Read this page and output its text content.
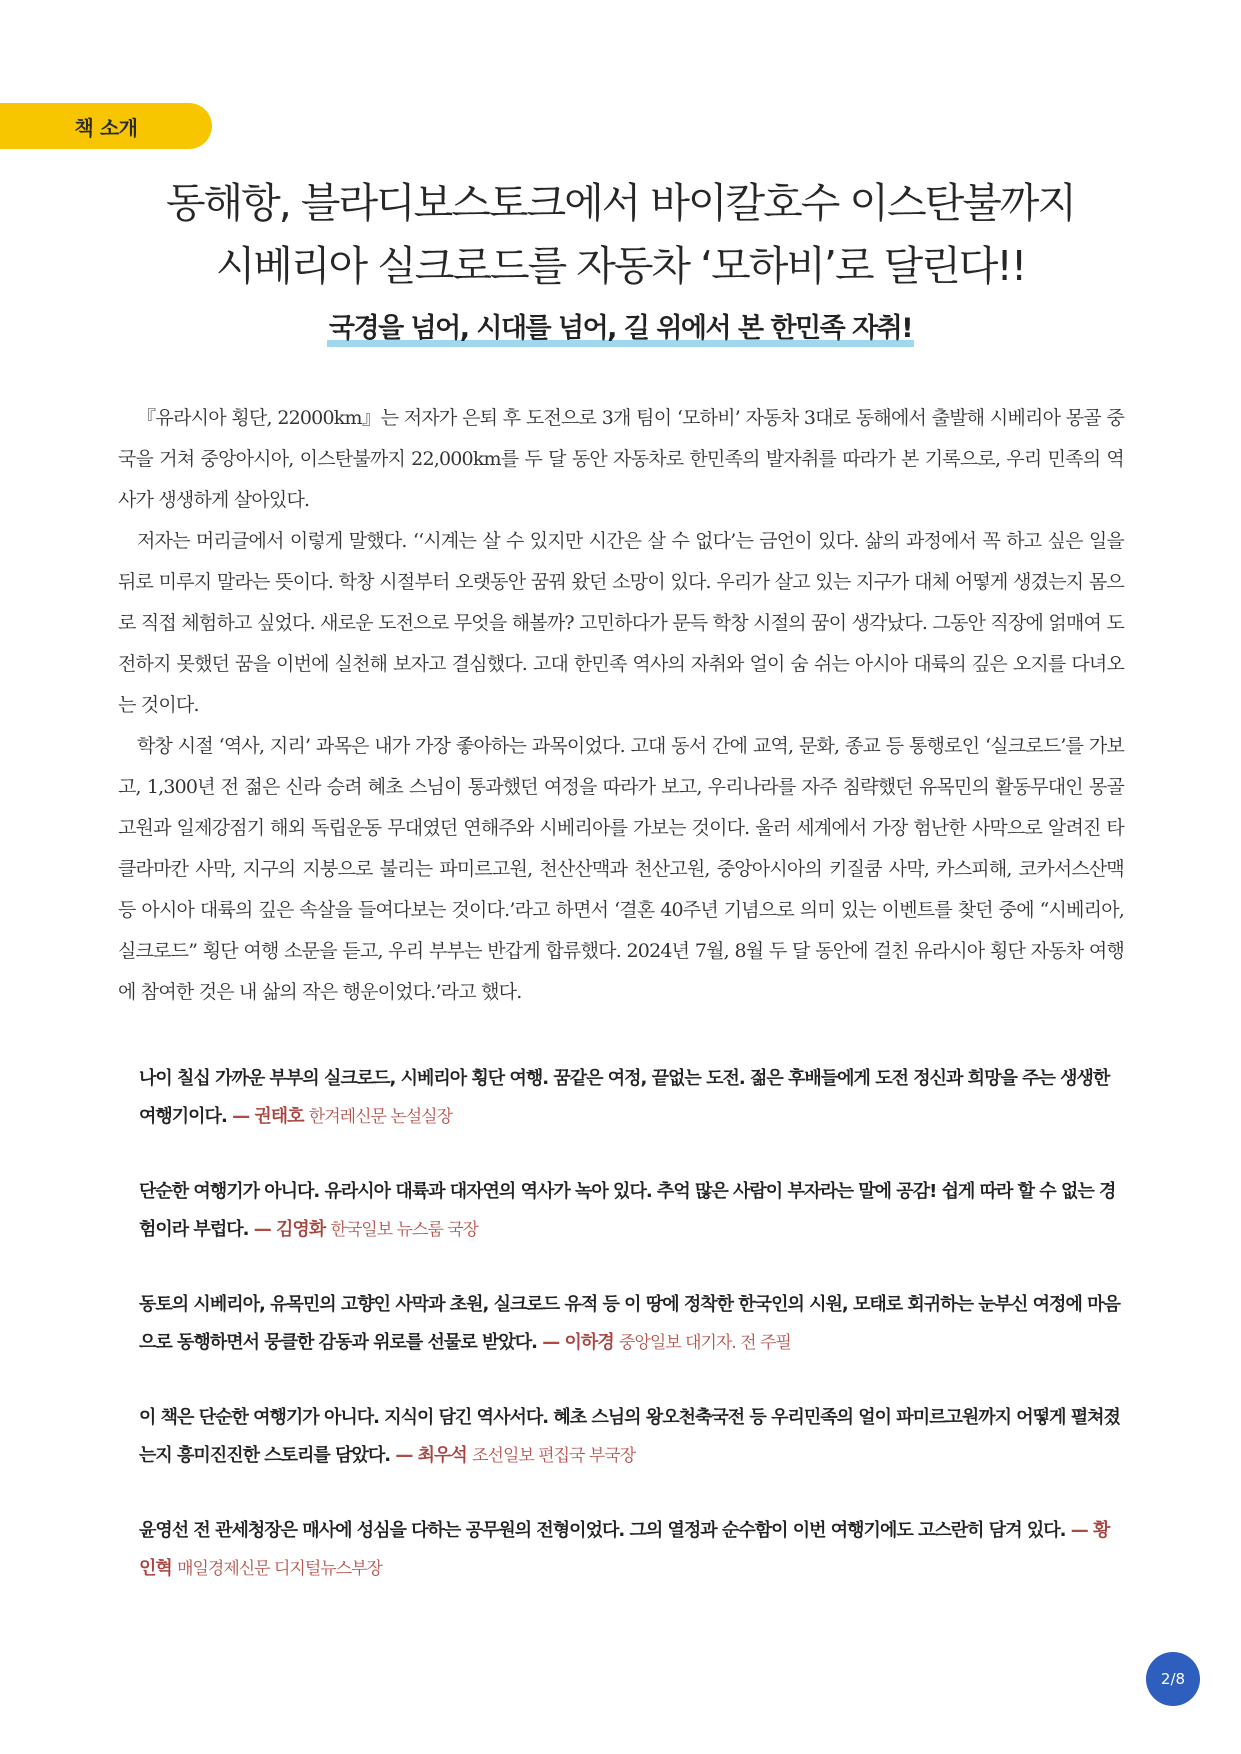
책 소개
동해항, 블라디보스토크에서 바이칼호수 이스탄불까지
시베리아 실크로드를 자동차 ‘모하비’로 달린다!!
국경을 넘어, 시대를 넘어, 길 위에서 본 한민족 자취!

『유라시아 횡단, 22000km』는 저자가 은퇴 후 도전으로 3개 팀이 ‘모하비’ 자동차 3대로 동해에서 출발해 시베리아 몽골 중국을 거쳐 중앙아시아, 이스탄불까지 22,000km를 두 달 동안 자동차로 한민족의 발자취를 따라가 본 기록으로, 우리 민족의 역사가 생생하게 살아있다.

저자는 머리글에서 이렇게 말했다. ‘‘시계는 살 수 있지만 시간은 살 수 없다’는 금언이 있다. 삶의 과정에서 꼭 하고 싶은 일을 뒤로 미루지 말라는 뜻이다. 학창 시절부터 오랫동안 꿈꿔 왔던 소망이 있다. 우리가 살고 있는 지구가 대체 어떻게 생겼는지 몸으로 직접 체험하고 싶었다. 새로운 도전으로 무엇을 해볼까? 고민하다가 문득 학창 시절의 꿈이 생각났다. 그동안 직장에 얽매여 도전하지 못했던 꿈을 이번에 실천해 보자고 결심했다. 고대 한민족 역사의 자취와 얼이 숨 쉬는 아시아 대륙의 깊은 오지를 다녀오는 것이다.

학창 시절 ‘역사, 지리’ 과목은 내가 가장 좋아하는 과목이었다. 고대 동서 간에 교역, 문화, 종교 등 통행로인 ‘실크로드’를 가보고, 1,300년 전 젊은 신라 승려 혜초 스님이 통과했던 여정을 따라가 보고, 우리나라를 자주 침략했던 유목민의 활동무대인 몽골고원과 일제강점기 해외 독립운동 무대였던 연해주와 시베리아를 가보는 것이다. 울러 세계에서 가장 험난한 사막으로 알려진 타클라마칸 사막, 지구의 지붕으로 불리는 파미르고원, 천산산맥과 천산고원, 중앙아시아의 키질쿰 사막, 카스피해, 코카서스산맥 등 아시아 대륙의 깊은 속살을 들여다보는 것이다.’라고 하면서 ‘결혼 40주년 기념으로 의미 있는 이벤트를 찾던 중에 “시베리아, 실크로드” 횡단 여행 소문을 듣고, 우리 부부는 반갑게 합류했다. 2024년 7월, 8월 두 달 동안에 걸친 유라시아 횡단 자동차 여행에 참여한 것은 내 삶의 작은 행운이었다.’라고 했다.

나이 칠십 가까운 부부의 실크로드, 시베리아 횡단 여행. 꿈같은 여정, 끝없는 도전. 젊은 후배들에게 도전 정신과 희망을 주는 생생한 여행기이다. — 권태호 한겨레신문 논설실장
단순한 여행기가 아니다. 유라시아 대륙과 대자연의 역사가 녹아 있다. 추억 많은 사람이 부자라는 말에 공감! 쉽게 따라 할 수 없는 경험이라 부럽다. — 김영화 한국일보 뉴스룸 국장
동토의 시베리아, 유목민의 고향인 사막과 초원, 실크로드 유적 등 이 땅에 정착한 한국인의 시원, 모태로 회귀하는 눈부신 여정에 마음으로 동행하면서 뭉클한 감동과 위로를 선물로 받았다. — 이하경 중앙일보 대기자. 전 주필
이 책은 단순한 여행기가 아니다. 지식이 담긴 역사서다. 혜초 스님의 왕오천축국전 등 우리민족의 얼이 파미르고원까지 어떻게 펼쳐졌는지 흥미진진한 스토리를 담았다. — 최우석 조선일보 편집국 부국장
윤영선 전 관세청장은 매사에 성심을 다하는 공무원의 전형이었다. 그의 열정과 순수함이 이번 여행기에도 고스란히 담겨 있다. — 황인혁 매일경제신문 디지털뉴스부장
2/8
